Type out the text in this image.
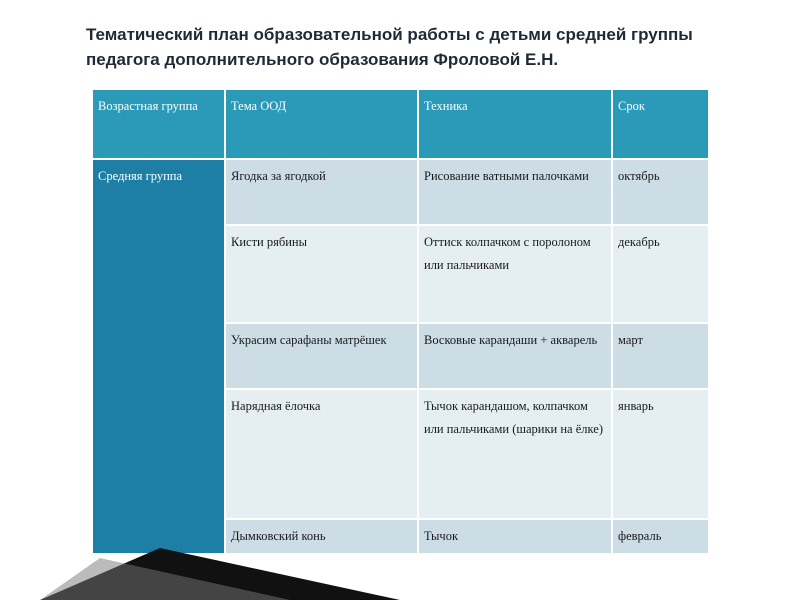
Тематический план образовательной работы с детьми средней группы педагога дополнительного образования Фроловой Е.Н.
Возрастная группа	Тема ООД	Техника	Срок
Средняя группа	Ягодка за ягодкой	Рисование ватными палочками	октябрь
	Кисти рябины	Оттиск колпачком с поролоном или пальчиками	декабрь
	Украсим сарафаны матрёшек	Восковые карандаши + акварель	март
	Нарядная ёлочка	Тычок карандашом, колпачком или пальчиками (шарики на ёлке)	январь
	Дымковский конь	Тычок	февраль
